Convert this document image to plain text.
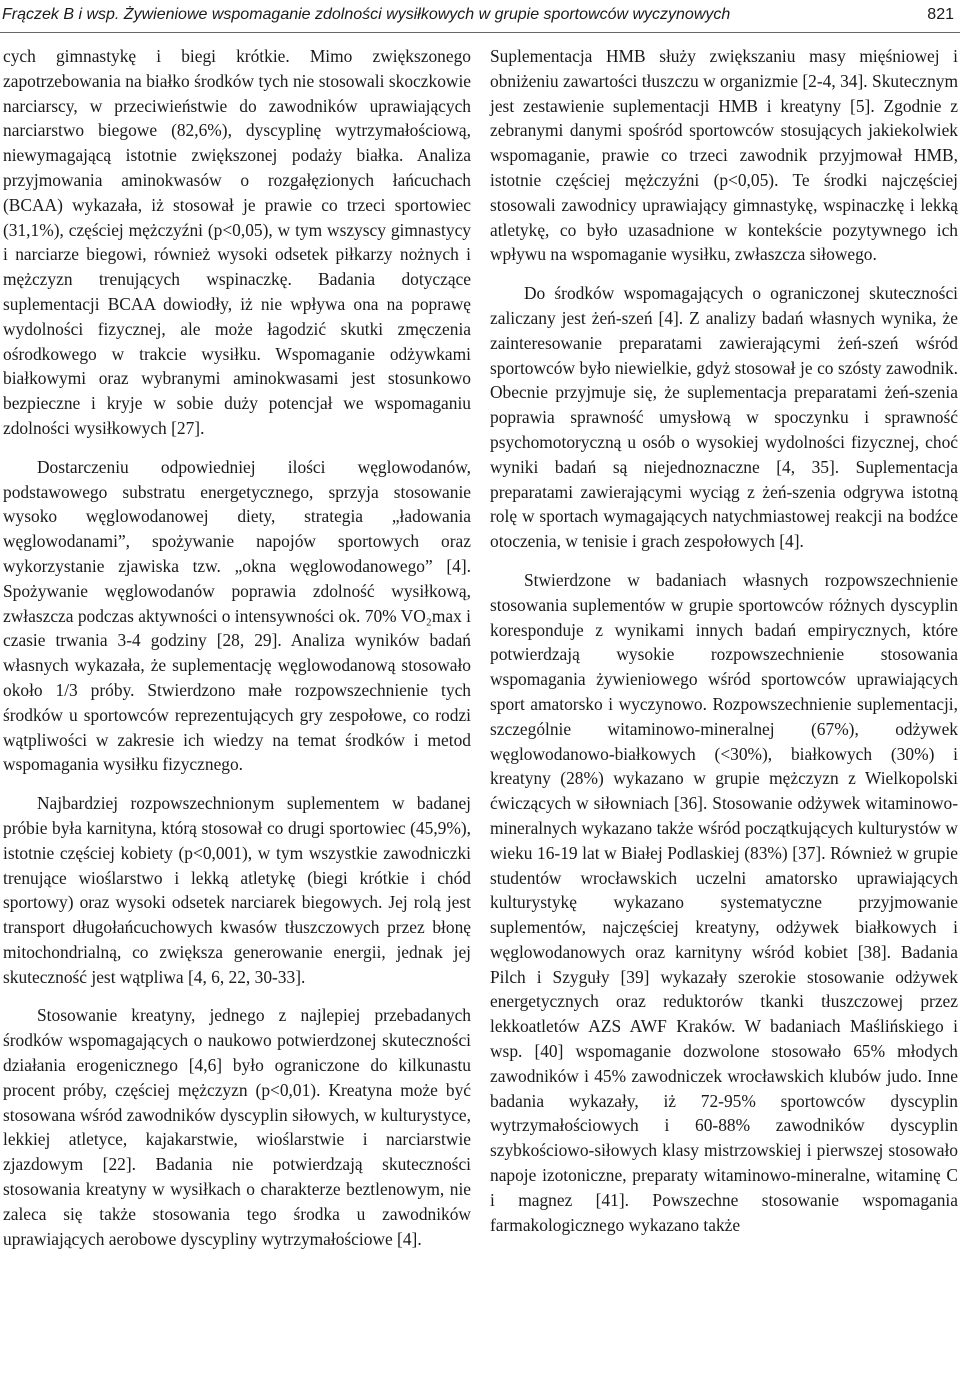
Frączek B i wsp. Żywieniowe wspomaganie zdolności wysiłkowych w grupie sportowców wyczynowych	821

cych gimnastykę i biegi krótkie. Mimo zwiększonego zapotrzebowania na białko środków tych nie stosowali skoczkowie narciarscy, w przeciwieństwie do zawodników uprawiających narciarstwo biegowe (82,6%), dyscyplinę wytrzymałościową, niewymagającą istotnie zwiększonej podaży białka. Analiza przyjmowania aminokwasów o rozgałęzionych łańcuchach (BCAA) wykazała, iż stosował je prawie co trzeci sportowiec (31,1%), częściej mężczyźni (p<0,05), w tym wszyscy gimnastycy i narciarze biegowi, również wysoki odsetek piłkarzy nożnych i mężczyzn trenujących wspinaczkę. Badania dotyczące suplementacji BCAA dowiodły, iż nie wpływa ona na poprawę wydolności fizycznej, ale może łagodzić skutki zmęczenia ośrodkowego w trakcie wysiłku. Wspomaganie odżywkami białkowymi oraz wybranymi aminokwasami jest stosunkowo bezpieczne i kryje w sobie duży potencjał we wspomaganiu zdolności wysiłkowych [27].

Dostarczeniu odpowiedniej ilości węglowodanów, podstawowego substratu energetycznego, sprzyja stosowanie wysoko węglowodanowej diety, strategia „ładowania węglowodanami”, spożywanie napojów sportowych oraz wykorzystanie zjawiska tzw. „okna węglowodanowego” [4]. Spożywanie węglowodanów poprawia zdolność wysiłkową, zwłaszcza podczas aktywności o intensywności ok. 70% VO₂max i czasie trwania 3-4 godziny [28, 29]. Analiza wyników badań własnych wykazała, że suplementację węglowodanową stosowało około 1/3 próby. Stwierdzono małe rozpowszechnienie tych środków u sportowców reprezentujących gry zespołowe, co rodzi wątpliwości w zakresie ich wiedzy na temat środków i metod wspomagania wysiłku fizycznego.

Najbardziej rozpowszechnionym suplementem w badanej próbie była karnityna, którą stosował co drugi sportowiec (45,9%), istotnie częściej kobiety (p<0,001), w tym wszystkie zawodniczki trenujące wioślarstwo i lekką atletykę (biegi krótkie i chód sportowy) oraz wysoki odsetek narciarek biegowych. Jej rolą jest transport długołańcuchowych kwasów tłuszczowych przez błonę mitochondrialną, co zwiększa generowanie energii, jednak jej skuteczność jest wątpliwa [4, 6, 22, 30-33].

Stosowanie kreatyny, jednego z najlepiej przebadanych środków wspomagających o naukowo potwierdzonej skuteczności działania erogenicznego [4,6] było ograniczone do kilkunastu procent próby, częściej mężczyzn (p<0,01). Kreatyna może być stosowana wśród zawodników dyscyplin siłowych, w kulturystyce, lekkiej atletyce, kajakarstwie, wioślarstwie i narciarstwie zjazdowym [22]. Badania nie potwierdzają skuteczności stosowania kreatyny w wysiłkach o charakterze beztlenowym, nie zaleca się także stosowania tego środka u zawodników uprawiających aerobowe dyscypliny wytrzymałościowe [4].

Suplementacja HMB służy zwiększaniu masy mięśniowej i obniżeniu zawartości tłuszczu w organizmie [2-4, 34]. Skutecznym jest zestawienie suplementacji HMB i kreatyny [5]. Zgodnie z zebranymi danymi spośród sportowców stosujących jakiekolwiek wspomaganie, prawie co trzeci zawodnik przyjmował HMB, istotnie częściej mężczyźni (p<0,05). Te środki najczęściej stosowali zawodnicy uprawiający gimnastykę, wspinaczkę i lekką atletykę, co było uzasadnione w kontekście pozytywnego ich wpływu na wspomaganie wysiłku, zwłaszcza siłowego.

Do środków wspomagających o ograniczonej skuteczności zaliczany jest żeń-szeń [4]. Z analizy badań własnych wynika, że zainteresowanie preparatami zawierającymi żeń-szeń wśród sportowców było niewielkie, gdyż stosował je co szósty zawodnik. Obecnie przyjmuje się, że suplementacja preparatami żeń-szenia poprawia sprawność umysłową w spoczynku i sprawność psychomotoryczną u osób o wysokiej wydolności fizycznej, choć wyniki badań są niejednoznaczne [4, 35]. Suplementacja preparatami zawierającymi wyciąg z żeń-szenia odgrywa istotną rolę w sportach wymagających natychmiastowej reakcji na bodźce otoczenia, w tenisie i grach zespołowych [4].

Stwierdzone w badaniach własnych rozpowszechnienie stosowania suplementów w grupie sportowców różnych dyscyplin koresponduje z wynikami innych badań empirycznych, które potwierdzają wysokie rozpowszechnienie stosowania wspomagania żywieniowego wśród sportowców uprawiających sport amatorsko i wyczynowo. Rozpowszechnienie suplementacji, szczególnie witaminowo-mineralnej (67%), odżywek węglowodanowo-białkowych (<30%), białkowych (30%) i kreatyny (28%) wykazano w grupie mężczyzn z Wielkopolski ćwiczących w siłowniach [36]. Stosowanie odżywek witaminowo-mineralnych wykazano także wśród początkujących kulturystów w wieku 16-19 lat w Białej Podlaskiej (83%) [37]. Również w grupie studentów wrocławskich uczelni amatorsko uprawiających kulturystykę wykazano systematyczne przyjmowanie suplementów, najczęściej kreatyny, odżywek białkowych i węglowodanowych oraz karnityny wśród kobiet [38]. Badania Pilch i Szyguły [39] wykazały szerokie stosowanie odżywek energetycznych oraz reduktorów tkanki tłuszczowej przez lekkoatletów AZS AWF Kraków. W badaniach Maślińskiego i wsp. [40] wspomaganie dozwolone stosowało 65% młodych zawodników i 45% zawodniczek wrocławskich klubów judo. Inne badania wykazały, iż 72-95% sportowców dyscyplin wytrzymałościowych i 60-88% zawodników dyscyplin szybkościowo-siłowych klasy mistrzowskiej i pierwszej stosowało napoje izotoniczne, preparaty witaminowo-mineralne, witaminę C i magnez [41]. Powszechne stosowanie wspomagania farmakologicznego wykazano także
